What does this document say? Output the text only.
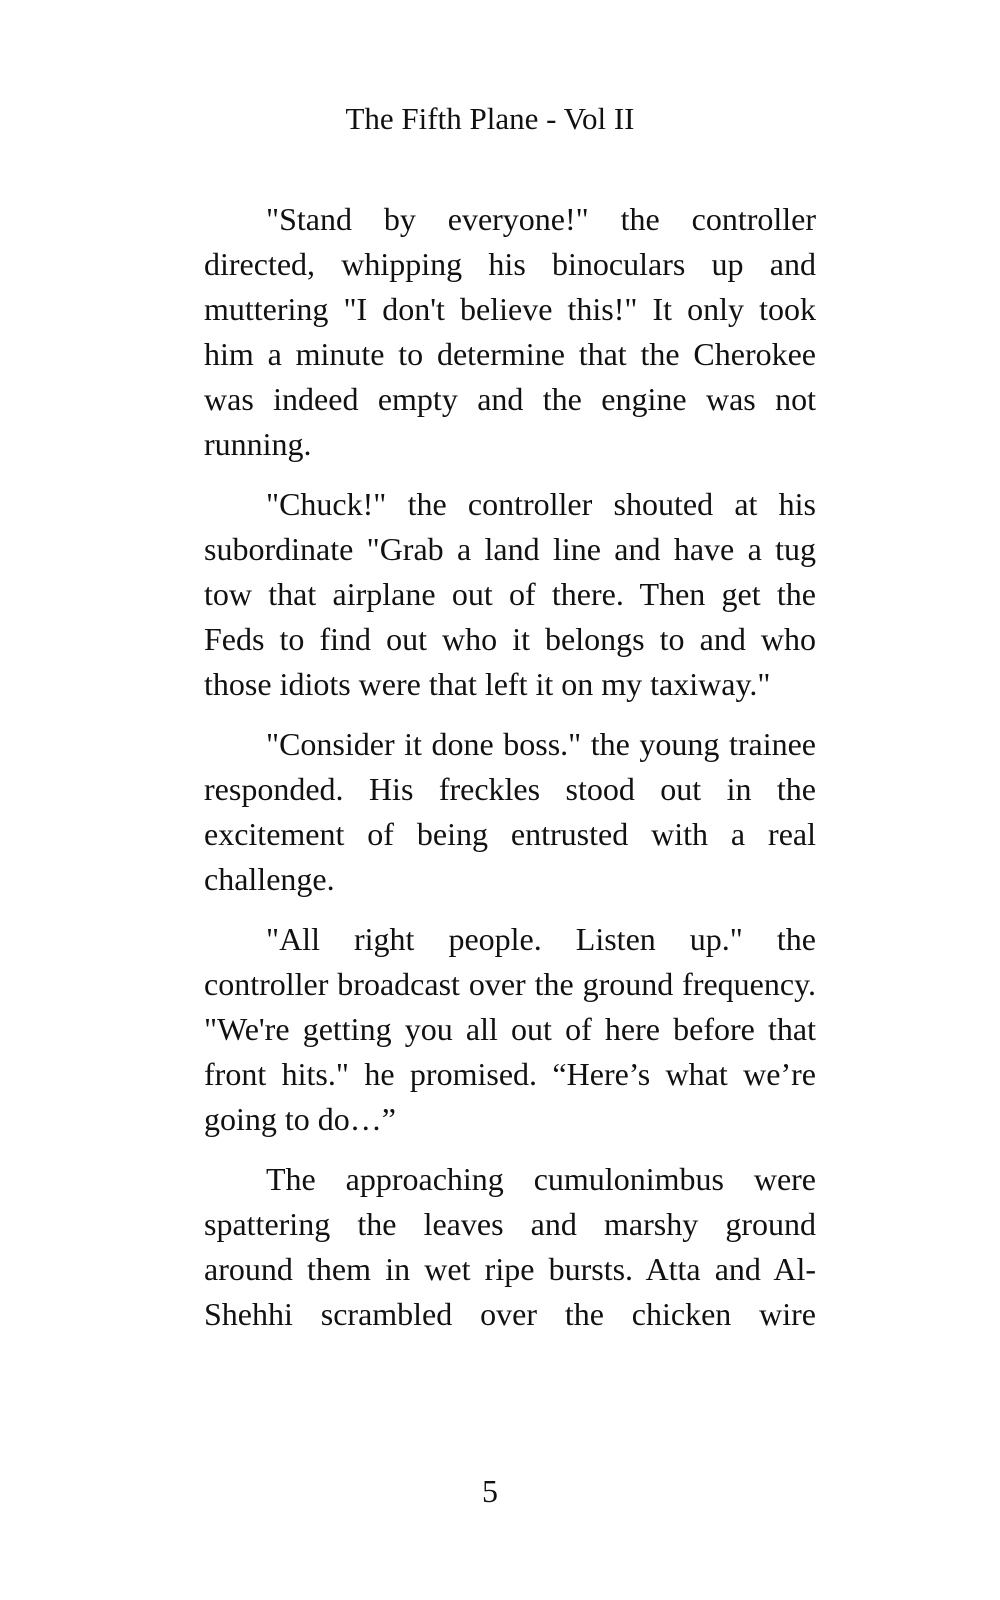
The Fifth Plane - Vol II

"Stand by everyone!" the controller directed, whipping his binoculars up and muttering "I don't believe this!" It only took him a minute to determine that the Cherokee was indeed empty and the engine was not running.

"Chuck!" the controller shouted at his subordinate "Grab a land line and have a tug tow that airplane out of there. Then get the Feds to find out who it belongs to and who those idiots were that left it on my taxiway."

"Consider it done boss." the young trainee responded. His freckles stood out in the excitement of being entrusted with a real challenge.

"All right people. Listen up." the controller broadcast over the ground frequency. "We're getting you all out of here before that front hits." he promised. “Here’s what we’re going to do…”

The approaching cumulonimbus were spattering the leaves and marshy ground around them in wet ripe bursts. Atta and Al-Shehhi scrambled over the chicken wire

5
